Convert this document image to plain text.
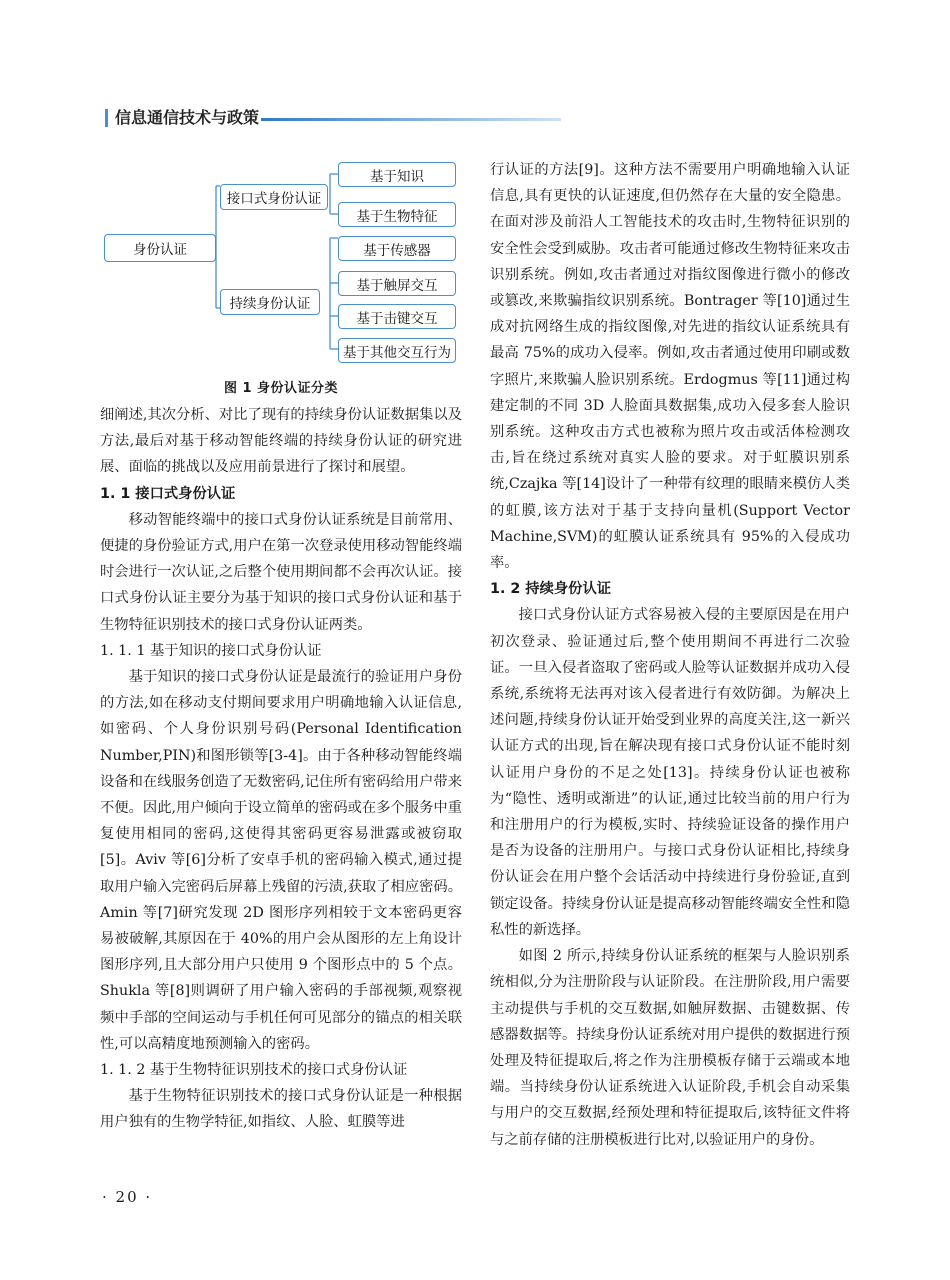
信息通信技术与政策
身份认证
接口式身份认证
持续身份认证
基于知识
基于生物特征
基于传感器
基于触屏交互
基于击键交互
基于其他交互行为
图 1 身份认证分类

细阐述,其次分析、对比了现有的持续身份认证数据集以及方法,最后对基于移动智能终端的持续身份认证的研究进展、面临的挑战以及应用前景进行了探讨和展望。

1. 1 接口式身份认证

移动智能终端中的接口式身份认证系统是目前常用、便捷的身份验证方式,用户在第一次登录使用移动智能终端时会进行一次认证,之后整个使用期间都不会再次认证。接口式身份认证主要分为基于知识的接口式身份认证和基于生物特征识别技术的接口式身份认证两类。

1. 1. 1 基于知识的接口式身份认证

基于知识的接口式身份认证是最流行的验证用户身份的方法,如在移动支付期间要求用户明确地输入认证信息,如密码、个人身份识别号码(Personal Identification Number,PIN)和图形锁等[3-4]。由于各种移动智能终端设备和在线服务创造了无数密码,记住所有密码给用户带来不便。因此,用户倾向于设立简单的密码或在多个服务中重复使用相同的密码,这使得其密码更容易泄露或被窃取[5]。Aviv 等[6]分析了安卓手机的密码输入模式,通过提取用户输入完密码后屏幕上残留的污渍,获取了相应密码。Amin 等[7]研究发现 2D 图形序列相较于文本密码更容易被破解,其原因在于 40%的用户会从图形的左上角设计图形序列,且大部分用户只使用 9 个图形点中的 5 个点。Shukla 等[8]则调研了用户输入密码的手部视频,观察视频中手部的空间运动与手机任何可见部分的锚点的相关联性,可以高精度地预测输入的密码。

1. 1. 2 基于生物特征识别技术的接口式身份认证

基于生物特征识别技术的接口式身份认证是一种根据用户独有的生物学特征,如指纹、人脸、虹膜等进

行认证的方法[9]。这种方法不需要用户明确地输入认证信息,具有更快的认证速度,但仍然存在大量的安全隐患。在面对涉及前沿人工智能技术的攻击时,生物特征识别的安全性会受到威胁。攻击者可能通过修改生物特征来攻击识别系统。例如,攻击者通过对指纹图像进行微小的修改或篡改,来欺骗指纹识别系统。Bontrager 等[10]通过生成对抗网络生成的指纹图像,对先进的指纹认证系统具有最高 75%的成功入侵率。例如,攻击者通过使用印刷或数字照片,来欺骗人脸识别系统。Erdogmus 等[11]通过构建定制的不同 3D 人脸面具数据集,成功入侵多套人脸识别系统。这种攻击方式也被称为照片攻击或活体检测攻击,旨在绕过系统对真实人脸的要求。对于虹膜识别系统,Czajka 等[14]设计了一种带有纹理的眼睛来模仿人类的虹膜,该方法对于基于支持向量机(Support Vector Machine,SVM)的虹膜认证系统具有 95%的入侵成功率。

1. 2 持续身份认证

接口式身份认证方式容易被入侵的主要原因是在用户初次登录、验证通过后,整个使用期间不再进行二次验证。一旦入侵者盗取了密码或人脸等认证数据并成功入侵系统,系统将无法再对该入侵者进行有效防御。为解决上述问题,持续身份认证开始受到业界的高度关注,这一新兴认证方式的出现,旨在解决现有接口式身份认证不能时刻认证用户身份的不足之处[13]。持续身份认证也被称为“隐性、透明或渐进”的认证,通过比较当前的用户行为和注册用户的行为模板,实时、持续验证设备的操作用户是否为设备的注册用户。与接口式身份认证相比,持续身份认证会在用户整个会话活动中持续进行身份验证,直到锁定设备。持续身份认证是提高移动智能终端安全性和隐私性的新选择。

如图 2 所示,持续身份认证系统的框架与人脸识别系统相似,分为注册阶段与认证阶段。在注册阶段,用户需要主动提供与手机的交互数据,如触屏数据、击键数据、传感器数据等。持续身份认证系统对用户提供的数据进行预处理及特征提取后,将之作为注册模板存储于云端或本地端。当持续身份认证系统进入认证阶段,手机会自动采集与用户的交互数据,经预处理和特征提取后,该特征文件将与之前存储的注册模板进行比对,以验证用户的身份。

· 20 ·
